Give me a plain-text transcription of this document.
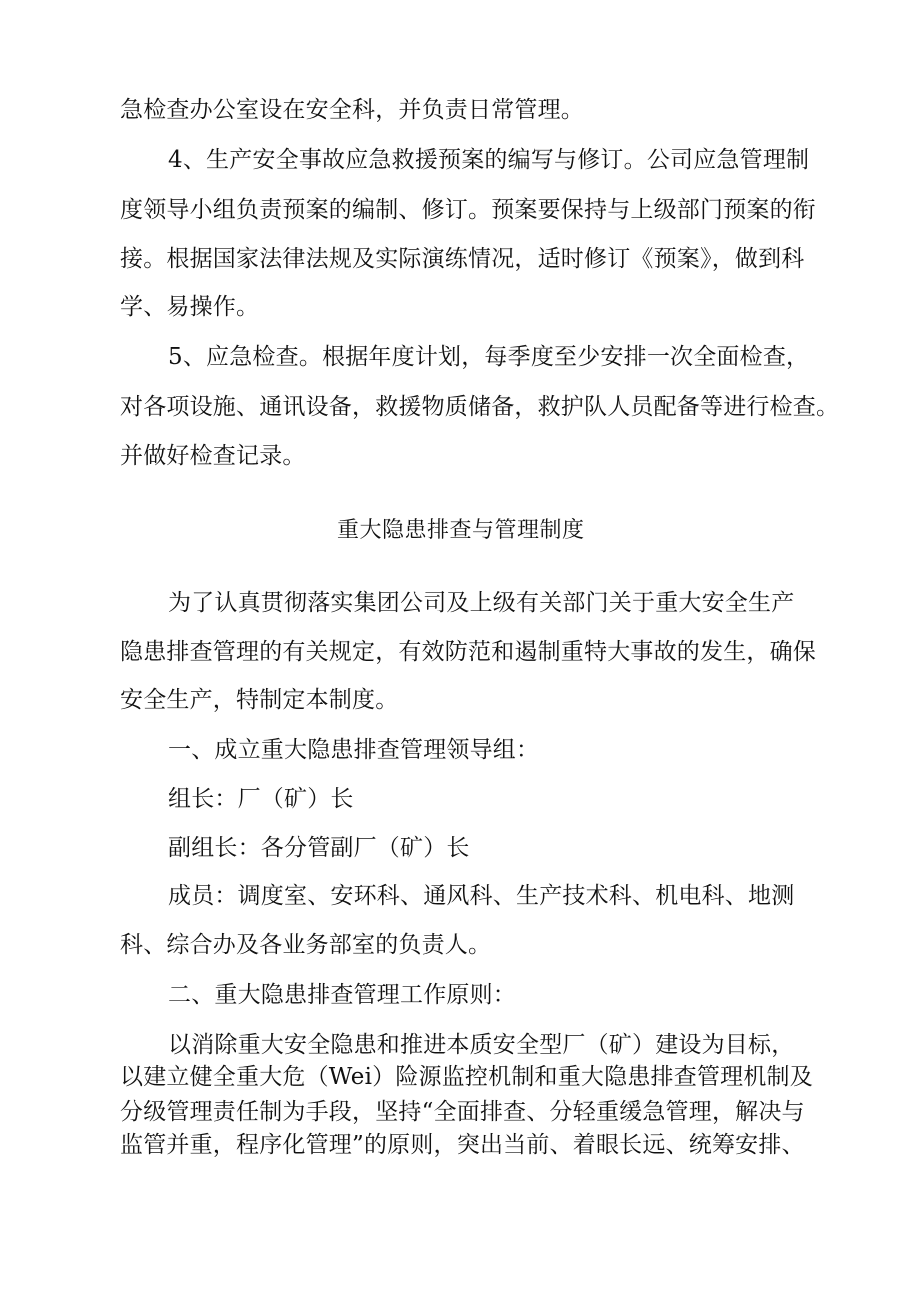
急检查办公室设在安全科，并负责日常管理。
4、生产安全事故应急救援预案的编写与修订。公司应急管理制
度领导小组负责预案的编制、修订。预案要保持与上级部门预案的衔
接。根据国家法律法规及实际演练情况，适时修订《预案》，做到科
学、易操作。
5、应急检查。根据年度计划，每季度至少安排一次全面检查，
对各项设施、通讯设备，救援物质储备，救护队人员配备等进行检查。
并做好检查记录。
重大隐患排查与管理制度
为了认真贯彻落实集团公司及上级有关部门关于重大安全生产
隐患排查管理的有关规定，有效防范和遏制重特大事故的发生，确保
安全生产，特制定本制度。
一、成立重大隐患排查管理领导组：
组长：厂（矿）长
副组长：各分管副厂（矿）长
成员：调度室、安环科、通风科、生产技术科、机电科、地测
科、综合办及各业务部室的负责人。
二、重大隐患排查管理工作原则：
以消除重大安全隐患和推进本质安全型厂（矿）建设为目标，
以建立健全重大危（Wei）险源监控机制和重大隐患排查管理机制及
分级管理责任制为手段，坚持“全面排查、分轻重缓急管理，解决与
监管并重，程序化管理”的原则，突出当前、着眼长远、统筹安排、
